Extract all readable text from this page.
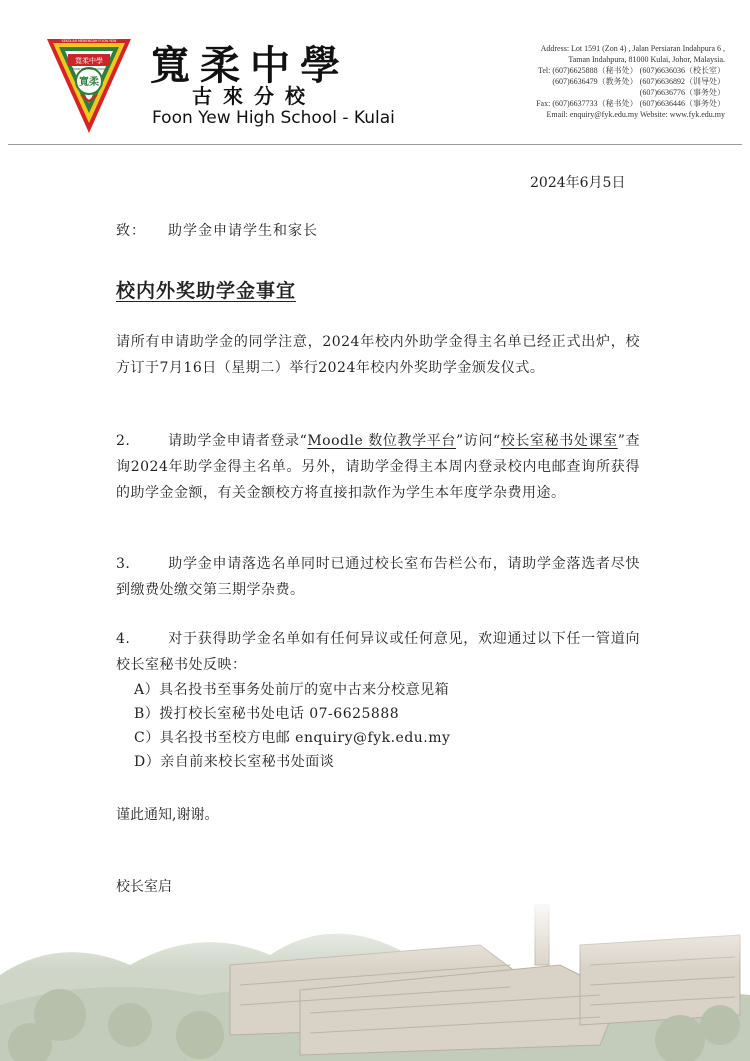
寬柔中學
寬柔
SEKOLAH MENENGAH FOON YEW
FOON YEW HIGH SCHOOL 寬柔中學
古來分校
Foon Yew High School - Kulai
Address: Lot 1591 (Zon 4) , Jalan Persiaran Indahpura 6 ,
Taman Indahpura, 81000 Kulai, Johor, Malaysia.
Tel: (607)6625888（秘书处） (607)6636036（校长室）
(607)6636479（教务处） (607)6636892（训导处）
(607)6636776（事务处）
Fax: (607)6637733（秘书处） (607)6636446（事务处）
Email: enquiry@fyk.edu.my Website: www.fyk.edu.my
2024年6月5日
致： 助学金申请学生和家长
校内外奖助学金事宜
请所有申请助学金的同学注意，2024年校内外助学金得主名单已经正式出炉，校方订于7月16日（星期二）举行2024年校内外奖助学金颁发仪式。
2.	请助学金申请者登录“Moodle 数位教学平台”访问“校长室秘书处课室”查询2024年助学金得主名单。另外，请助学金得主本周内登录校内电邮查询所获得的助学金金额，有关金额校方将直接扣款作为学生本年度学杂费用途。
3.	助学金申请落选名单同时已通过校长室布告栏公布，请助学金落选者尽快到缴费处缴交第三期学杂费。
4.	对于获得助学金名单如有任何异议或任何意见，欢迎通过以下任一管道向校长室秘书处反映：
A）具名投书至事务处前厅的宽中古来分校意见箱
B）拨打校长室秘书处电话 07-6625888
C）具名投书至校方电邮 enquiry@fyk.edu.my
D）亲自前来校长室秘书处面谈
谨此通知,谢谢。
校长室启
